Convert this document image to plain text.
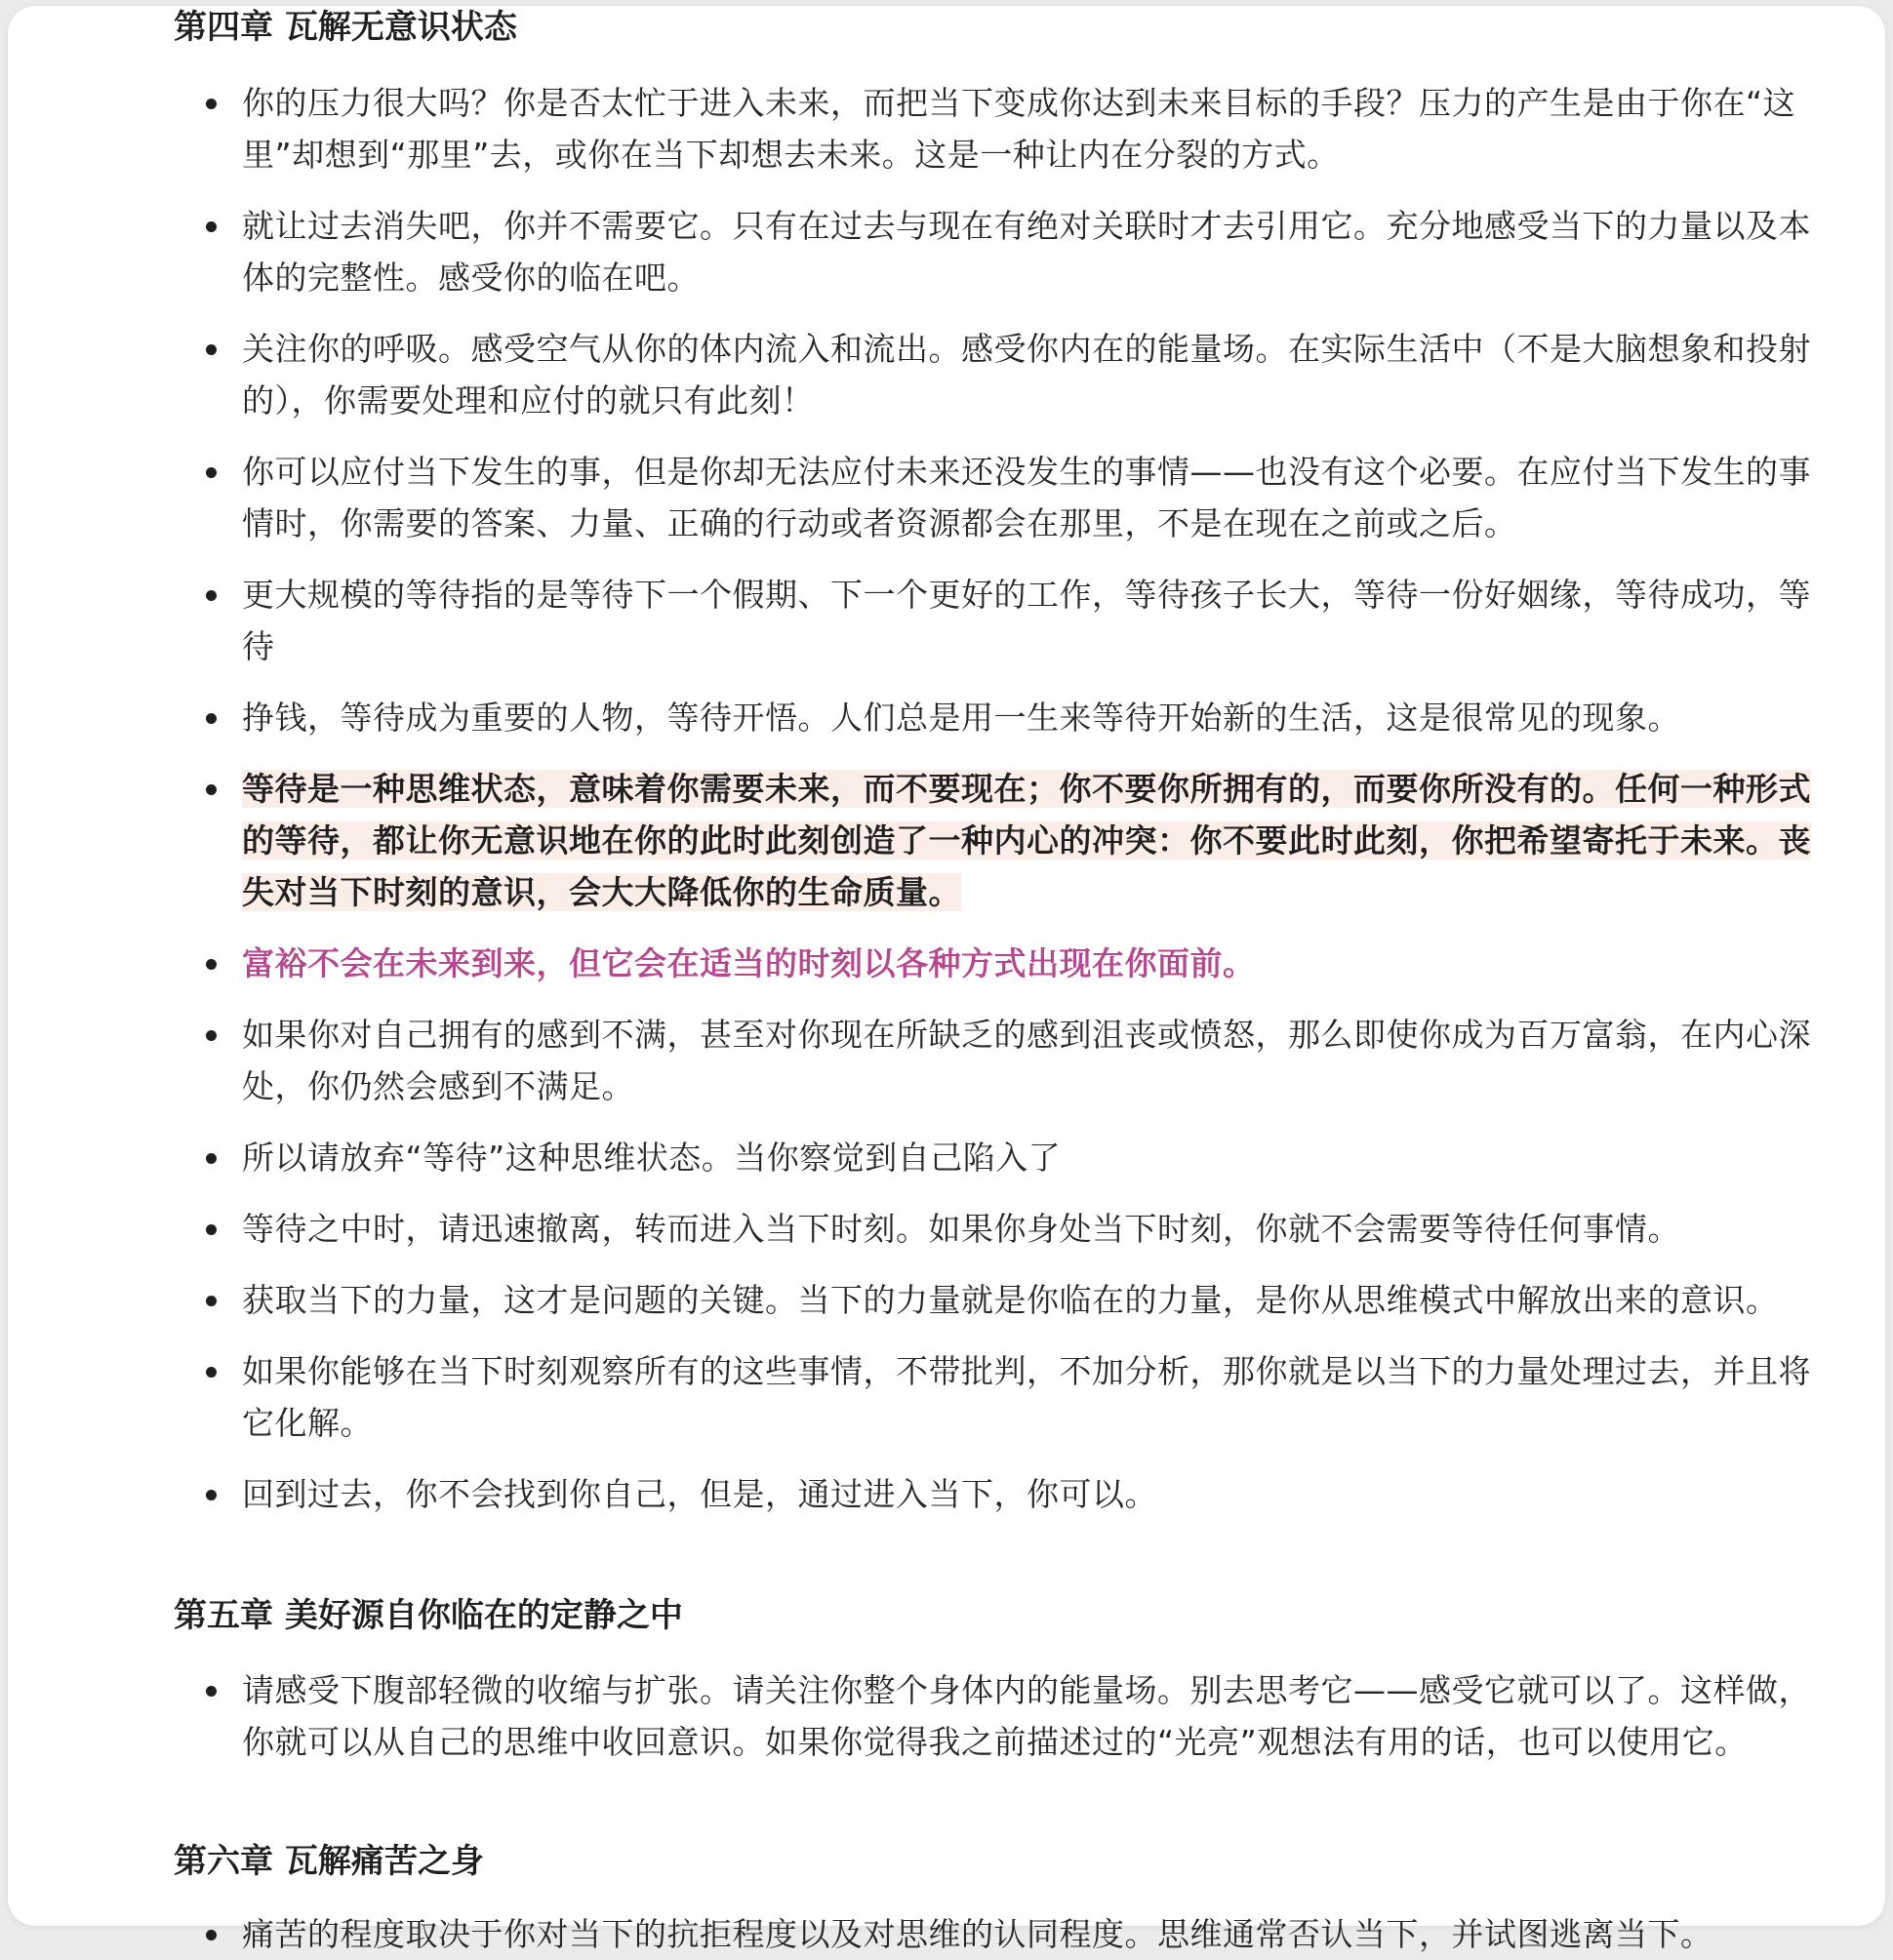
第四章 瓦解无意识状态
你的压力很大吗？你是否太忙于进入未来，而把当下变成你达到未来目标的手段？压力的产生是由于你在“这里”却想到“那里”去，或你在当下却想去未来。这是一种让内在分裂的方式。
就让过去消失吧，你并不需要它。只有在过去与现在有绝对关联时才去引用它。充分地感受当下的力量以及本体的完整性。感受你的临在吧。
关注你的呼吸。感受空气从你的体内流入和流出。感受你内在的能量场。在实际生活中（不是大脑想象和投射的），你需要处理和应付的就只有此刻！
你可以应付当下发生的事，但是你却无法应付未来还没发生的事情——也没有这个必要。在应付当下发生的事情时，你需要的答案、力量、正确的行动或者资源都会在那里，不是在现在之前或之后。
更大规模的等待指的是等待下一个假期、下一个更好的工作，等待孩子长大，等待一份好姻缘，等待成功，等待
挣钱，等待成为重要的人物，等待开悟。人们总是用一生来等待开始新的生活，这是很常见的现象。
等待是一种思维状态，意味着你需要未来，而不要现在；你不要你所拥有的，而要你所没有的。任何一种形式的等待，都让你无意识地在你的此时此刻创造了一种内心的冲突：你不要此时此刻，你把希望寄托于未来。丧失对当下时刻的意识，会大大降低你的生命质量。
富裕不会在未来到来，但它会在适当的时刻以各种方式出现在你面前。
如果你对自己拥有的感到不满，甚至对你现在所缺乏的感到沮丧或愤怒，那么即使你成为百万富翁，在内心深处，你仍然会感到不满足。
所以请放弃“等待”这种思维状态。当你察觉到自己陷入了
等待之中时，请迅速撤离，转而进入当下时刻。如果你身处当下时刻，你就不会需要等待任何事情。
获取当下的力量，这才是问题的关键。当下的力量就是你临在的力量，是你从思维模式中解放出来的意识。
如果你能够在当下时刻观察所有的这些事情，不带批判，不加分析，那你就是以当下的力量处理过去，并且将它化解。
回到过去，你不会找到你自己，但是，通过进入当下，你可以。
第五章 美好源自你临在的定静之中
请感受下腹部轻微的收缩与扩张。请关注你整个身体内的能量场。别去思考它——感受它就可以了。这样做，你就可以从自己的思维中收回意识。如果你觉得我之前描述过的“光亮”观想法有用的话，也可以使用它。
第六章 瓦解痛苦之身
痛苦的程度取决于你对当下的抗拒程度以及对思维的认同程度。思维通常否认当下，并试图逃离当下。
